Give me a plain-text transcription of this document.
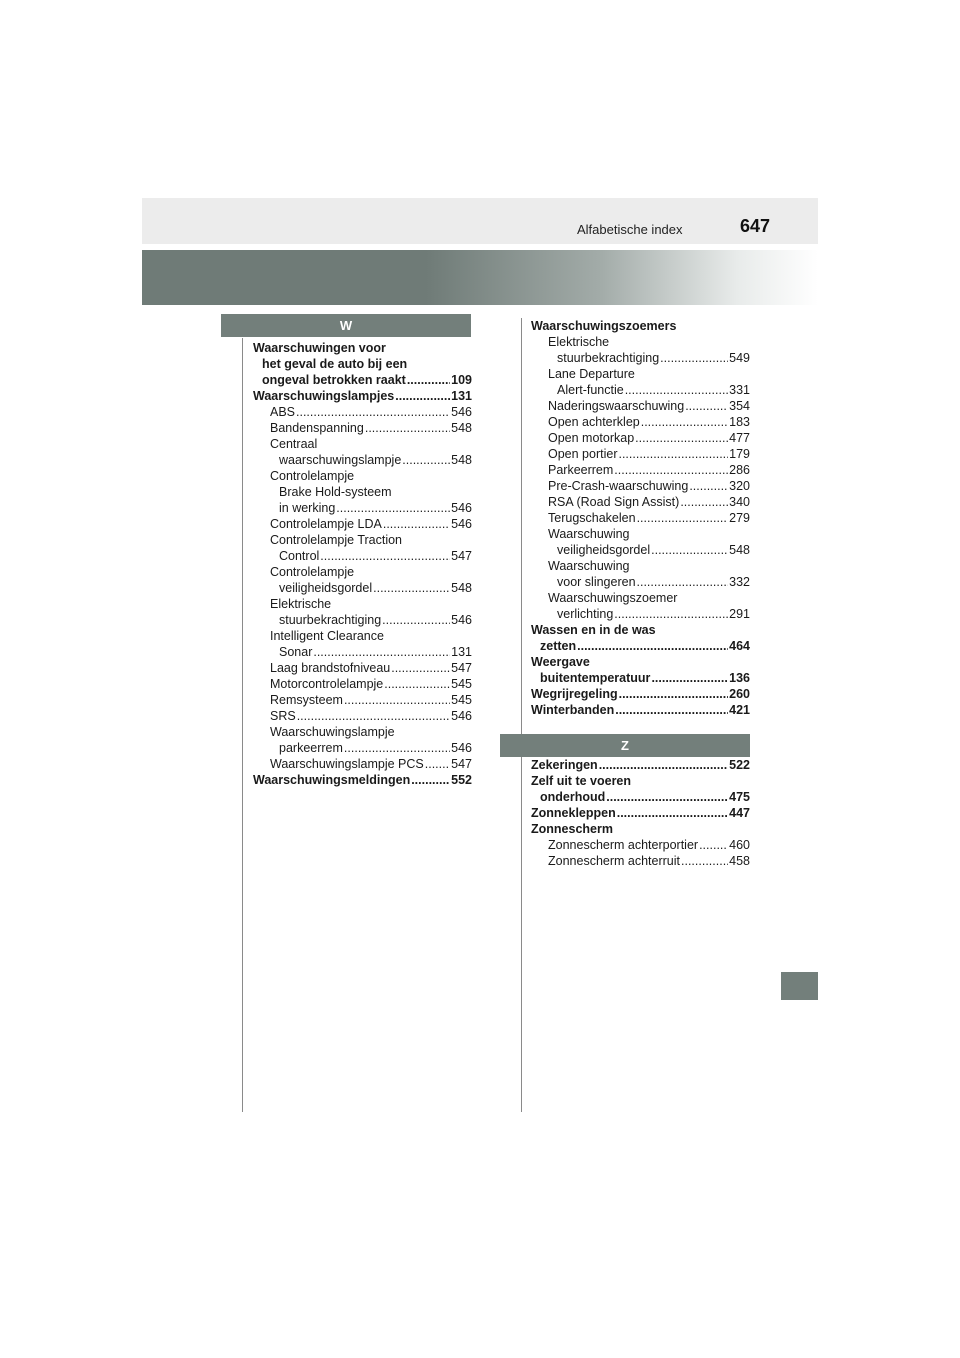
Alfabetische index	647
W
Waarschuwingen voor
het geval de auto bij een
ongeval betrokken raakt .....	109
Waarschuwingslampjes .....	131
ABS .....	546
Bandenspanning .....	548
Centraal
waarschuwingslampje .....	548
Controlelampje
Brake Hold-systeem
in werking .....	546
Controlelampje LDA .....	546
Controlelampje Traction
Control .....	547
Controlelampje
veiligheidsgordel .....	548
Elektrische
stuurbekrachtiging .....	546
Intelligent Clearance
Sonar .....	131
Laag brandstofniveau .....	547
Motorcontrolelampje .....	545
Remsysteem .....	545
SRS .....	546
Waarschuwingslampje
parkeerrem .....	546
Waarschuwingslampje PCS ..... 547
Waarschuwingsmeldingen .....	552
Waarschuwingszoemers
Elektrische
stuurbekrachtiging .....	549
Lane Departure
Alert-functie .....	331
Naderingswaarschuwing .....	354
Open achterklep .....	183
Open motorkap .....	477
Open portier .....	179
Parkeerrem .....	286
Pre-Crash-waarschuwing .....	320
RSA (Road Sign Assist) .....	340
Terugschakelen .....	279
Waarschuwing
veiligheidsgordel .....	548
Waarschuwing
voor slingeren .....	332
Waarschuwingszoemer
verlichting .....	291
Wassen en in de was
zetten .....	464
Weergave
buitentemperatuur .....	136
Wegrijregeling .....	260
Winterbanden .....	421
Z
Zekeringen .....	522
Zelf uit te voeren
onderhoud .....	475
Zonnekleppen .....	447
Zonnescherm
Zonnescherm achterportier ..... 460
Zonnescherm achterruit .....	458
